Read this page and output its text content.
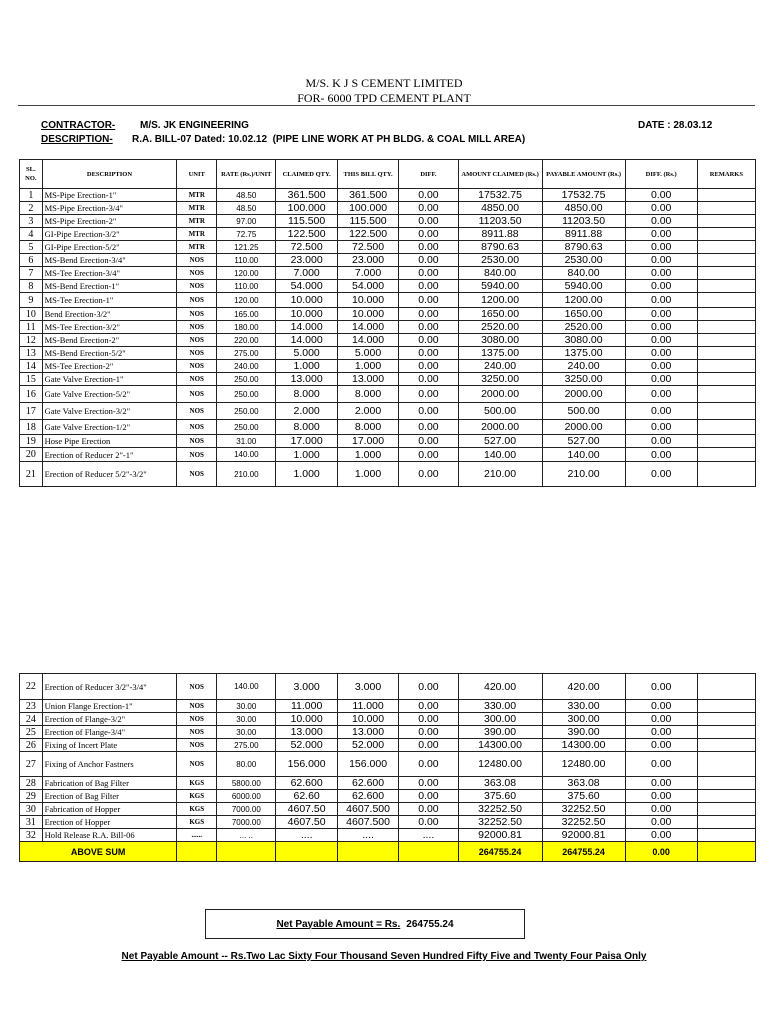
M/S. K J S CEMENT LIMITED
FOR- 6000 TPD CEMENT PLANT
CONTRACTOR- M/S. JK ENGINEERING	DATE : 28.03.12
DESCRIPTION- R.A. BILL-07 Dated: 10.02.12  (PIPE LINE WORK AT PH BLDG. & COAL MILL AREA)
SL. NO.	DESCRIPTION	UNIT	RATE (Rs.)/UNIT	CLAIMED QTY.	THIS BILL QTY.	DIFF.	AMOUNT CLAIMED (Rs.)	PAYABLE AMOUNT (Rs.)	DIFF. (Rs.)	REMARKS
1	MS-Pipe Erection-1"	MTR	48.50	361.500	361.500	0.00	17532.75	17532.75	0.00	
2	MS-Pipe Erection-3/4"	MTR	48.50	100.000	100.000	0.00	4850.00	4850.00	0.00	
3	MS-Pipe Erection-2"	MTR	97.00	115.500	115.500	0.00	11203.50	11203.50	0.00	
4	GI-Pipe Erection-3/2"	MTR	72.75	122.500	122.500	0.00	8911.88	8911.88	0.00	
5	GI-Pipe Erection-5/2"	MTR	121.25	72.500	72.500	0.00	8790.63	8790.63	0.00	
6	MS-Bend Erection-3/4"	NOS	110.00	23.000	23.000	0.00	2530.00	2530.00	0.00	
7	MS-Tee Erection-3/4"	NOS	120.00	7.000	7.000	0.00	840.00	840.00	0.00	
8	MS-Bend Erection-1"	NOS	110.00	54.000	54.000	0.00	5940.00	5940.00	0.00	
9	MS-Tee Erection-1"	NOS	120.00	10.000	10.000	0.00	1200.00	1200.00	0.00	
10	Bend Erection-3/2"	NOS	165.00	10.000	10.000	0.00	1650.00	1650.00	0.00	
11	MS-Tee Erection-3/2"	NOS	180.00	14.000	14.000	0.00	2520.00	2520.00	0.00	
12	MS-Bend Erection-2"	NOS	220.00	14.000	14.000	0.00	3080.00	3080.00	0.00	
13	MS-Bend Erection-5/2"	NOS	275.00	5.000	5.000	0.00	1375.00	1375.00	0.00	
14	MS-Tee Erection-2"	NOS	240.00	1.000	1.000	0.00	240.00	240.00	0.00	
15	Gate Valve Erection-1"	NOS	250.00	13.000	13.000	0.00	3250.00	3250.00	0.00	
16	Gate Valve Erection-5/2"	NOS	250.00	8.000	8.000	0.00	2000.00	2000.00	0.00	
17	Gate Valve Erection-3/2"	NOS	250.00	2.000	2.000	0.00	500.00	500.00	0.00	
18	Gate Valve Erection-1/2"	NOS	250.00	8.000	8.000	0.00	2000.00	2000.00	0.00	
19	Hose Pipe Erection	NOS	31.00	17.000	17.000	0.00	527.00	527.00	0.00	
20	Erection of Reducer 2"-1"	NOS	140.00	1.000	1.000	0.00	140.00	140.00	0.00	
21	Erection of Reducer 5/2"-3/2"	NOS	210.00	1.000	1.000	0.00	210.00	210.00	0.00	
22	Erection of Reducer 3/2"-3/4"	NOS	140.00	3.000	3.000	0.00	420.00	420.00	0.00	
23	Union Flange Erection-1"	NOS	30.00	11.000	11.000	0.00	330.00	330.00	0.00	
24	Erection of Flange-3/2"	NOS	30.00	10.000	10.000	0.00	300.00	300.00	0.00	
25	Erection of Flange-3/4"	NOS	30.00	13.000	13.000	0.00	390.00	390.00	0.00	
26	Fixing of Incert Plate	NOS	275.00	52.000	52.000	0.00	14300.00	14300.00	0.00	
27	Fixing of Anchor Fastners	NOS	80.00	156.000	156.000	0.00	12480.00	12480.00	0.00	
28	Fabrication of Bag Filter	KGS	5800.00	62.600	62.600	0.00	363.08	363.08	0.00	
29	Erection of Bag Filter	KGS	6000.00	62.60	62.600	0.00	375.60	375.60	0.00	
30	Fabrication of Hopper	KGS	7000.00	4607.50	4607.500	0.00	32252.50	32252.50	0.00	
31	Erection of Hopper	KGS	7000.00	4607.50	4607.500	0.00	32252.50	32252.50	0.00	
32	Hold Release R.A. Bill-06	......	... ..	....	....	....	92000.81	92000.81	0.00	
ABOVE SUM							264755.24	264755.24	0.00	
Net Payable Amount = Rs. 264755.24
Net Payable Amount -- Rs.Two Lac Sixty Four Thousand Seven Hundred Fifty Five and Twenty Four Paisa Only
